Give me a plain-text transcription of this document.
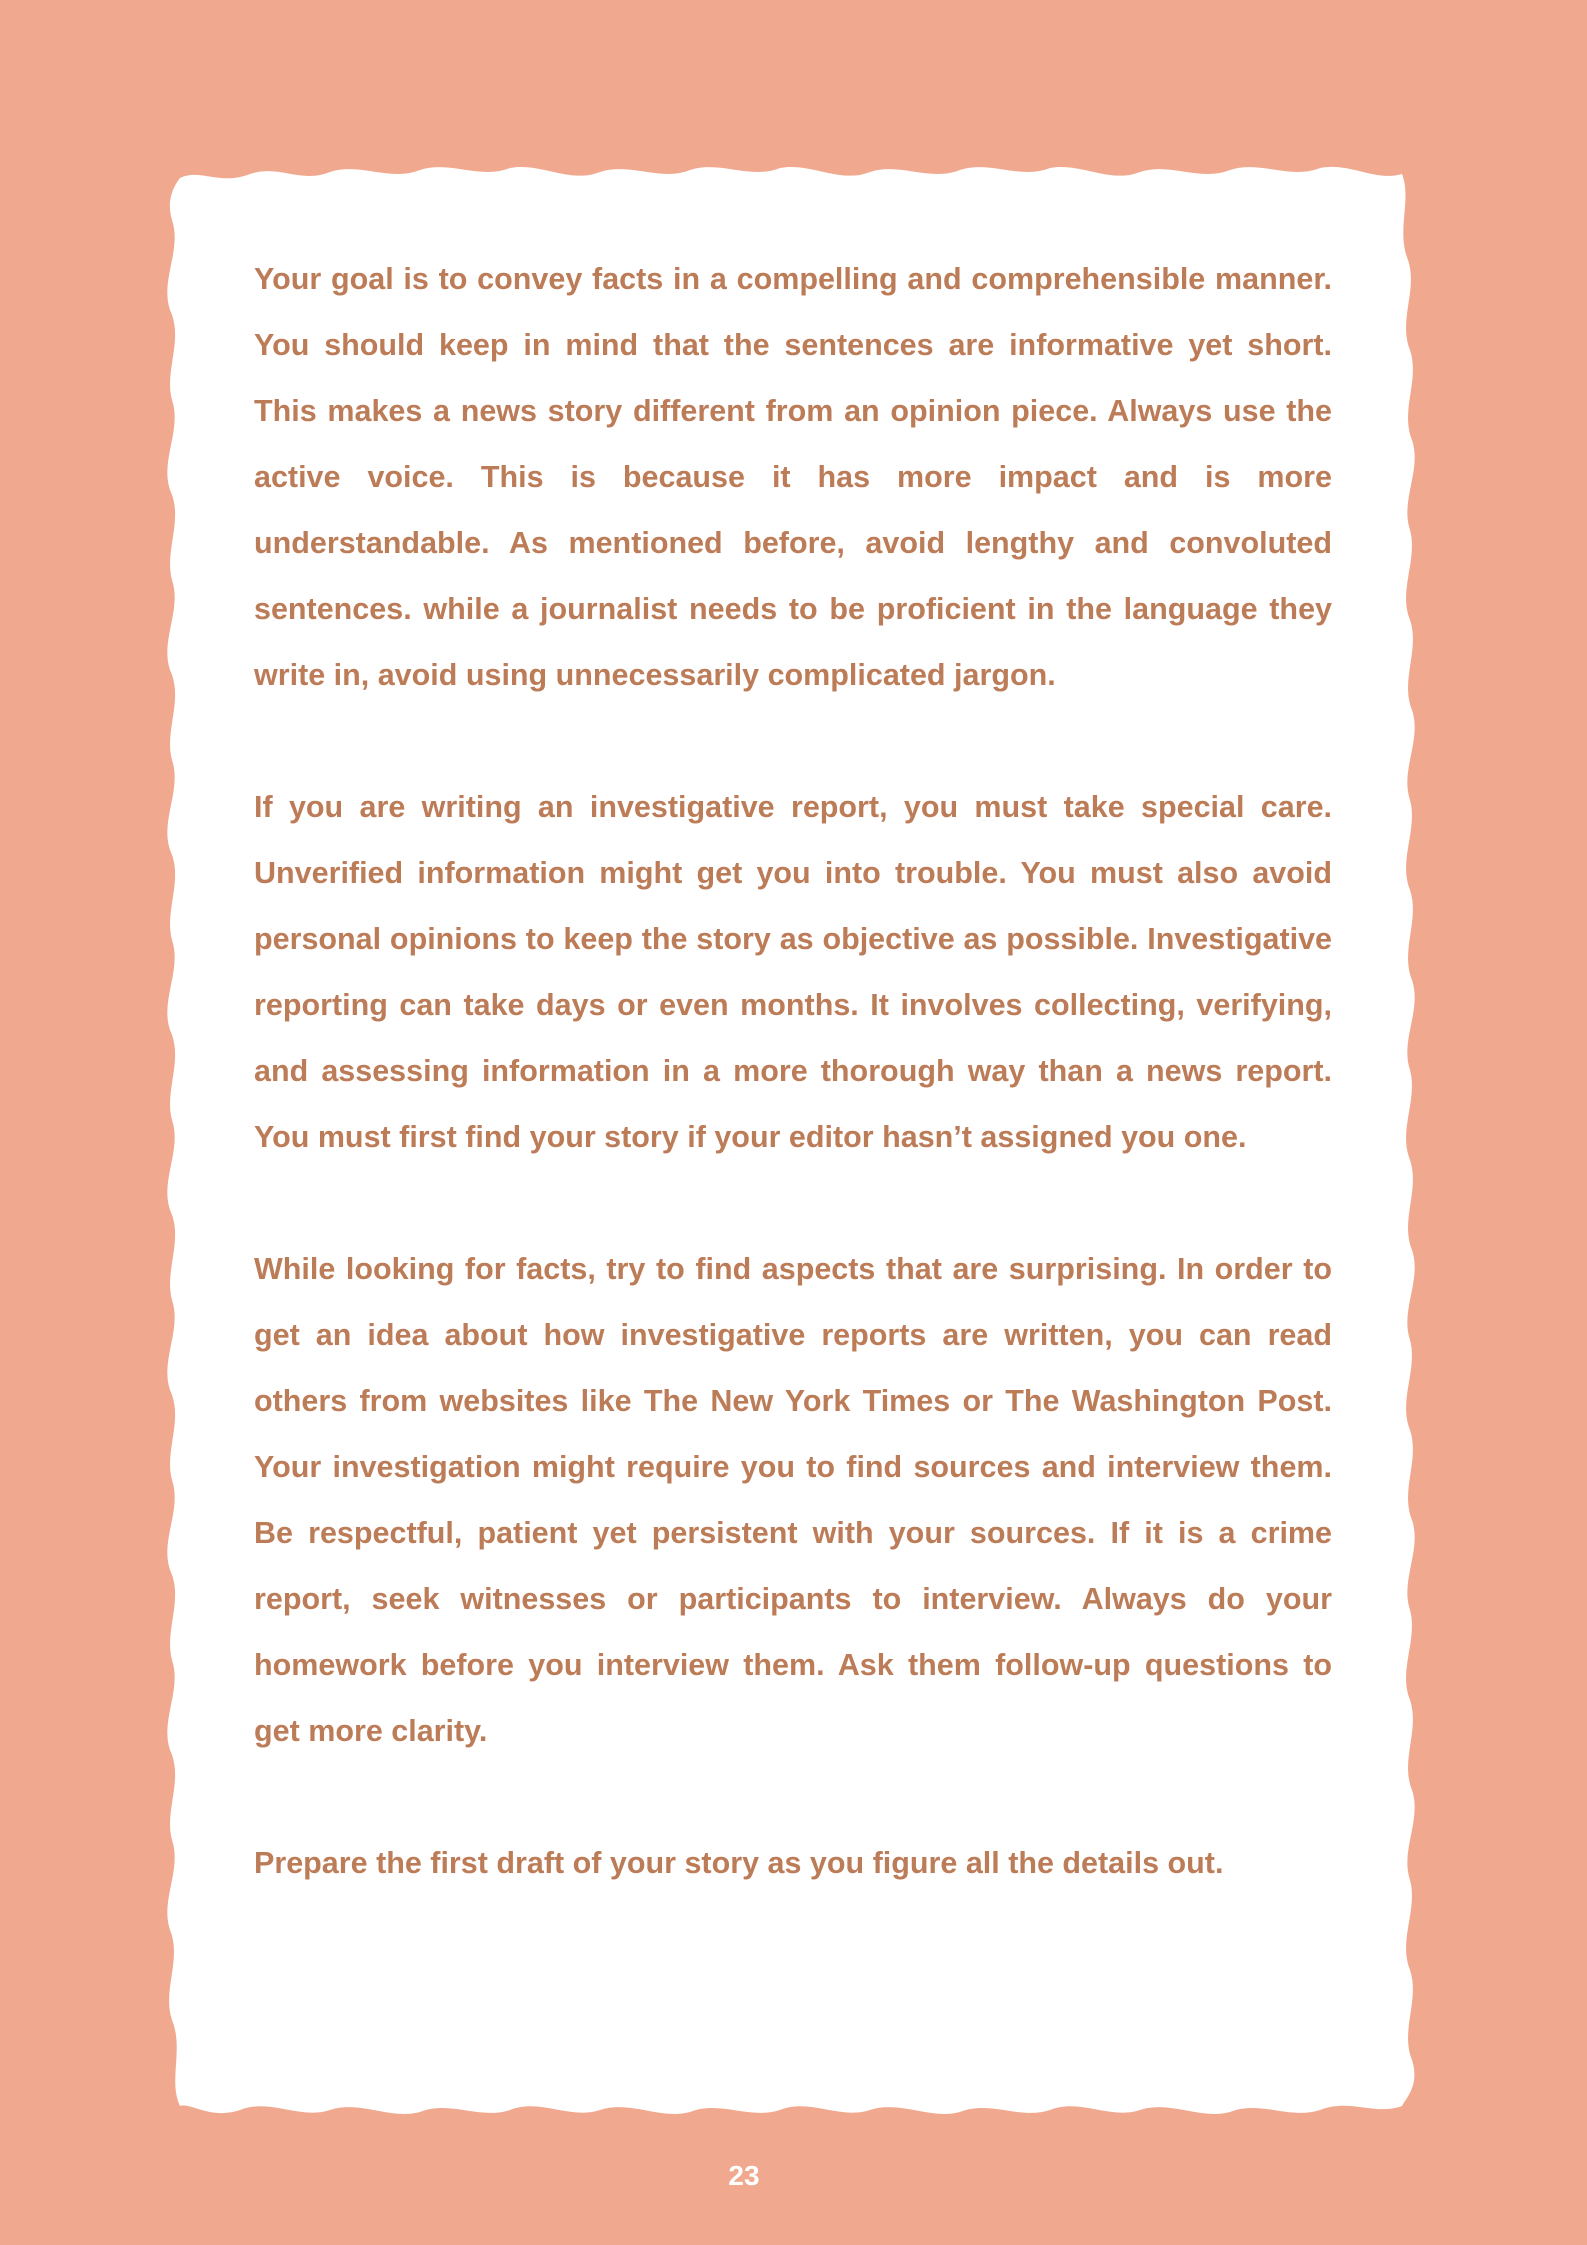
Your goal is to convey facts in a compelling and comprehensible manner. You should keep in mind that the sentences are informative yet short. This makes a news story different from an opinion piece. Always use the active voice. This is because it has more impact and is more understandable. As mentioned before, avoid lengthy and convoluted sentences. while a journalist needs to be proficient in the language they write in, avoid using unnecessarily complicated jargon.

If you are writing an investigative report, you must take special care. Unverified information might get you into trouble. You must also avoid personal opinions to keep the story as objective as possible. Investigative reporting can take days or even months. It involves collecting, verifying, and assessing information in a more thorough way than a news report. You must first find your story if your editor hasn’t assigned you one.

While looking for facts, try to find aspects that are surprising. In order to get an idea about how investigative reports are written, you can read others from websites like The New York Times or The Washington Post. Your investigation might require you to find sources and interview them. Be respectful, patient yet persistent with your sources. If it is a crime report, seek witnesses or participants to interview. Always do your homework before you interview them. Ask them follow-up questions to get more clarity.

Prepare the first draft of your story as you figure all the details out.

23
